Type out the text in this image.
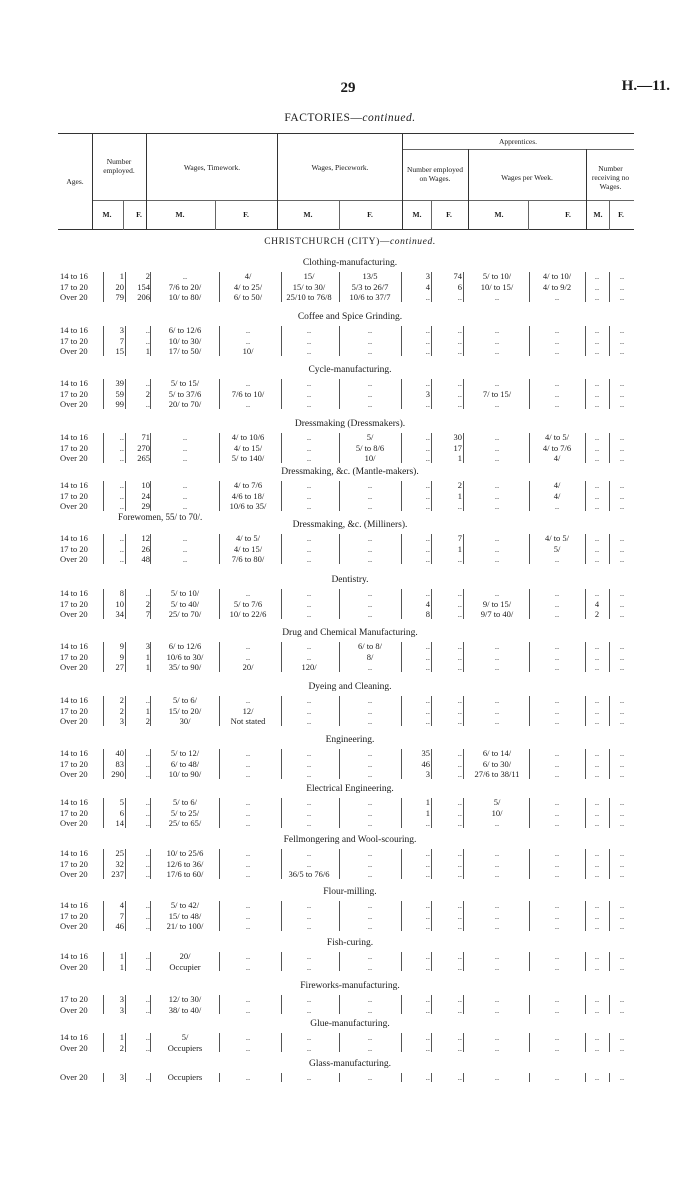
29	H.—11.
FACTORIES—continued.
Ages.
Number employed.	Wages, Timework.	Wages, Piecework.
Apprentices.
Number employed on Wages.	Wages per Week.
Number receiving no Wages.
M.	F.	M.	F.	M.	F.	M.	F.	M.	F.	M.	F.
CHRISTCHURCH (CITY)—continued.
Clothing-manufacturing.
14 to 16	1	2	..	4/	15/	13/5	3	74	5/ to 10/	4/ to 10/	..	..
17 to 20	20	154	7/6 to 20/	4/ to 25/	15/ to 30/	5/3 to 26/7	4	6	10/ to 15/	4/ to 9/2	..	..
Over 20	79	206	10/ to 80/	6/ to 50/	25/10 to 76/8	10/6 to 37/7	..	..	..	..	..	..
Coffee and Spice Grinding.
14 to 16	3	..	6/ to 12/6	..	..	..	..	..	..	..	..	..
17 to 20	7	..	10/ to 30/	..	..	..	..	..	..	..	..	..
Over 20	15	1	17/ to 50/	10/	..	..	..	..	..	..	..	..
Cycle-manufacturing.
14 to 16	39	..	5/ to 15/	..	..	..	..	..	..	..	..	..
17 to 20	59	2	5/ to 37/6	7/6 to 10/	..	..	3	..	7/ to 15/	..	..	..
Over 20	99	..	20/ to 70/	..	..	..	..	..	..	..	..	..
Dressmaking (Dressmakers).
14 to 16	..	71	..	4/ to 10/6	..	5/	..	30	..	4/ to 5/	..	..
17 to 20	..	270	..	4/ to 15/	..	5/ to 8/6	..	17	..	4/ to 7/6	..	..
Over 20	..	265	..	5/ to 140/	..	10/	..	1	..	4/	..	..
Dressmaking, &c. (Mantle-makers).
14 to 16	..	10	..	4/ to 7/6	..	..	..	2	..	4/	..	..
17 to 20	..	24	..	4/6 to 18/	..	..	..	1	..	4/	..	..
Over 20	..	29	..	10/6 to 35/	..	..	..	..	..	..	..	..
Forewomen, 55/ to 70/.
Dressmaking, &c. (Milliners).
14 to 16	..	12	..	4/ to 5/	..	..	..	7	..	4/ to 5/	..	..
17 to 20	..	26	..	4/ to 15/	..	..	..	1	..	5/	..	..
Over 20	..	48	..	7/6 to 80/	..	..	..	..	..	..	..	..
Dentistry.
14 to 16	8	..	5/ to 10/	..	..	..	..	..	..	..	..	..
17 to 20	10	2	5/ to 40/	5/ to 7/6	..	..	4	..	9/ to 15/	..	4	..
Over 20	34	7	25/ to 70/	10/ to 22/6	..	..	8	..	9/7 to 40/	..	2	..
Drug and Chemical Manufacturing.
14 to 16	9	3	6/ to 12/6	..	..	6/ to 8/	..	..	..	..	..	..
17 to 20	9	1	10/6 to 30/	..	..	8/	..	..	..	..	..	..
Over 20	27	1	35/ to 90/	20/	120/	..	..	..	..	..	..	..
Dyeing and Cleaning.
14 to 16	2	..	5/ to 6/	..	..	..	..	..	..	..	..	..
17 to 20	2	1	15/ to 20/	12/	..	..	..	..	..	..	..	..
Over 20	3	2	30/	Not stated	..	..	..	..	..	..	..	..
Engineering.
14 to 16	40	..	5/ to 12/	..	..	..	35	..	6/ to 14/	..	..	..
17 to 20	83	..	6/ to 48/	..	..	..	46	..	6/ to 30/	..	..	..
Over 20	290	..	10/ to 90/	..	..	..	3	..	27/6 to 38/11	..	..	..
Electrical Engineering.
14 to 16	5	..	5/ to 6/	..	..	..	1	..	5/	..	..	..
17 to 20	6	..	5/ to 25/	..	..	..	1	..	10/	..	..	..
Over 20	14	..	25/ to 65/	..	..	..	..	..	..	..	..	..
Fellmongering and Wool-scouring.
14 to 16	25	..	10/ to 25/6	..	..	..	..	..	..	..	..	..
17 to 20	32	..	12/6 to 36/	..	..	..	..	..	..	..	..	..
Over 20	237	..	17/6 to 60/	..	36/5 to 76/6	..	..	..	..	..	..	..
Flour-milling.
14 to 16	4	..	5/ to 42/	..	..	..	..	..	..	..	..	..
17 to 20	7	..	15/ to 48/	..	..	..	..	..	..	..	..	..
Over 20	46	..	21/ to 100/	..	..	..	..	..	..	..	..	..
Fish-curing.
14 to 16	1	..	20/	..	..	..	..	..	..	..	..	..
Over 20	1	..	Occupier	..	..	..	..	..	..	..	..	..
Fireworks-manufacturing.
17 to 20	3	..	12/ to 30/	..	..	..	..	..	..	..	..	..
Over 20	3	..	38/ to 40/	..	..	..	..	..	..	..	..	..
Glue-manufacturing.
14 to 16	1	..	5/	..	..	..	..	..	..	..	..	..
Over 20	2	..	Occupiers	..	..	..	..	..	..	..	..	..
Glass-manufacturing.
Over 20	3	..	Occupiers	..	..	..	..	..	..	..	..	..
